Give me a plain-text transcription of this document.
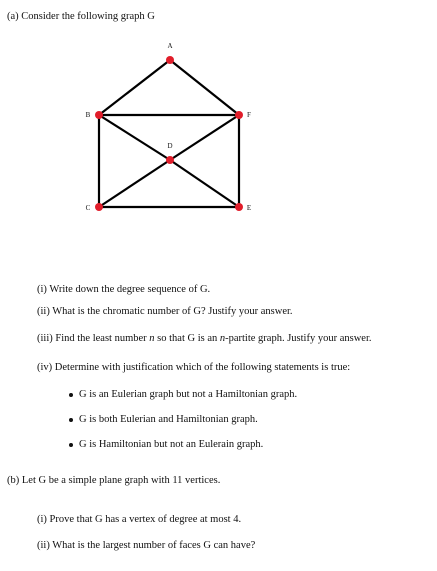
(a) Consider the following graph G
A
B	F
D
C	E
(i) Write down the degree sequence of G.
(ii) What is the chromatic number of G? Justify your answer.
(iii) Find the least number n so that G is an n-partite graph. Justify your answer.
(iv) Determine with justification which of the following statements is true:
G is an Eulerian graph but not a Hamiltonian graph.
G is both Eulerian and Hamiltonian graph.
G is Hamiltonian but not an Eulerain graph.
(b) Let G be a simple plane graph with 11 vertices.
(i) Prove that G has a vertex of degree at most 4.
(ii) What is the largest number of faces G can have?
